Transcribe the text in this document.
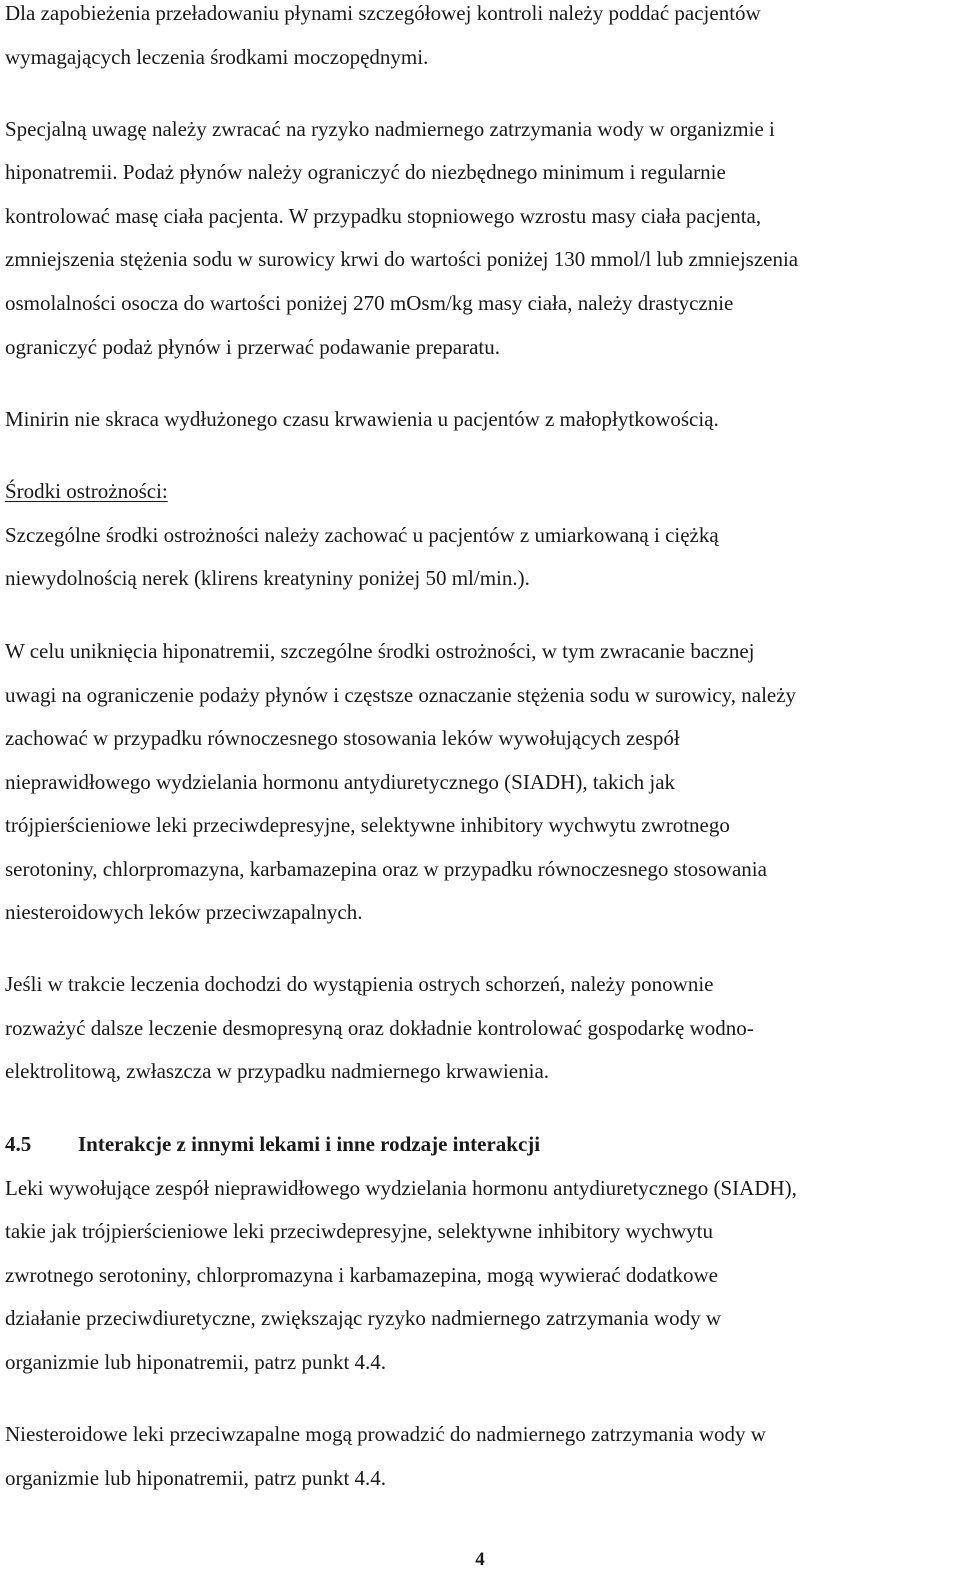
Dla zapobieżenia przeładowaniu płynami szczegółowej kontroli należy poddać pacjentów
wymagających leczenia środkami moczopędnymi.
Specjalną uwagę należy zwracać na ryzyko nadmiernego zatrzymania wody w organizmie i
hiponatremii. Podaż płynów należy ograniczyć do niezbędnego minimum i regularnie
kontrolować masę ciała pacjenta. W przypadku stopniowego wzrostu masy ciała pacjenta,
zmniejszenia stężenia sodu w surowicy krwi do wartości poniżej 130 mmol/l lub zmniejszenia
osmolalności osocza do wartości poniżej 270 mOsm/kg masy ciała, należy drastycznie
ograniczyć podaż płynów i przerwać podawanie preparatu.
Minirin nie skraca wydłużonego czasu krwawienia u pacjentów z małopłytkowością.
Środki ostrożności:
Szczególne środki ostrożności należy zachować u pacjentów z umiarkowaną i ciężką
niewydolnością nerek (klirens kreatyniny poniżej 50 ml/min.).
W celu uniknięcia hiponatremii, szczególne środki ostrożności, w tym zwracanie bacznej
uwagi na ograniczenie podaży płynów i częstsze oznaczanie stężenia sodu w surowicy, należy
zachować w przypadku równoczesnego stosowania leków wywołujących zespół
nieprawidłowego wydzielania hormonu antydiuretycznego (SIADH), takich jak
trójpierścieniowe leki przeciwdepresyjne, selektywne inhibitory wychwytu zwrotnego
serotoniny, chlorpromazyna, karbamazepina oraz w przypadku równoczesnego stosowania
niesteroidowych leków przeciwzapalnych.
Jeśli w trakcie leczenia dochodzi do wystąpienia ostrych schorzeń, należy ponownie
rozważyć dalsze leczenie desmopresyną oraz dokładnie kontrolować gospodarkę wodno-
elektrolitową, zwłaszcza w przypadku nadmiernego krwawienia.
4.5 Interakcje z innymi lekami i inne rodzaje interakcji
Leki wywołujące zespół nieprawidłowego wydzielania hormonu antydiuretycznego (SIADH),
takie jak trójpierścieniowe leki przeciwdepresyjne, selektywne inhibitory wychwytu
zwrotnego serotoniny, chlorpromazyna i karbamazepina, mogą wywierać dodatkowe
działanie przeciwdiuretyczne, zwiększając ryzyko nadmiernego zatrzymania wody w
organizmie lub hiponatremii, patrz punkt 4.4.
Niesteroidowe leki przeciwzapalne mogą prowadzić do nadmiernego zatrzymania wody w
organizmie lub hiponatremii, patrz punkt 4.4.
4
